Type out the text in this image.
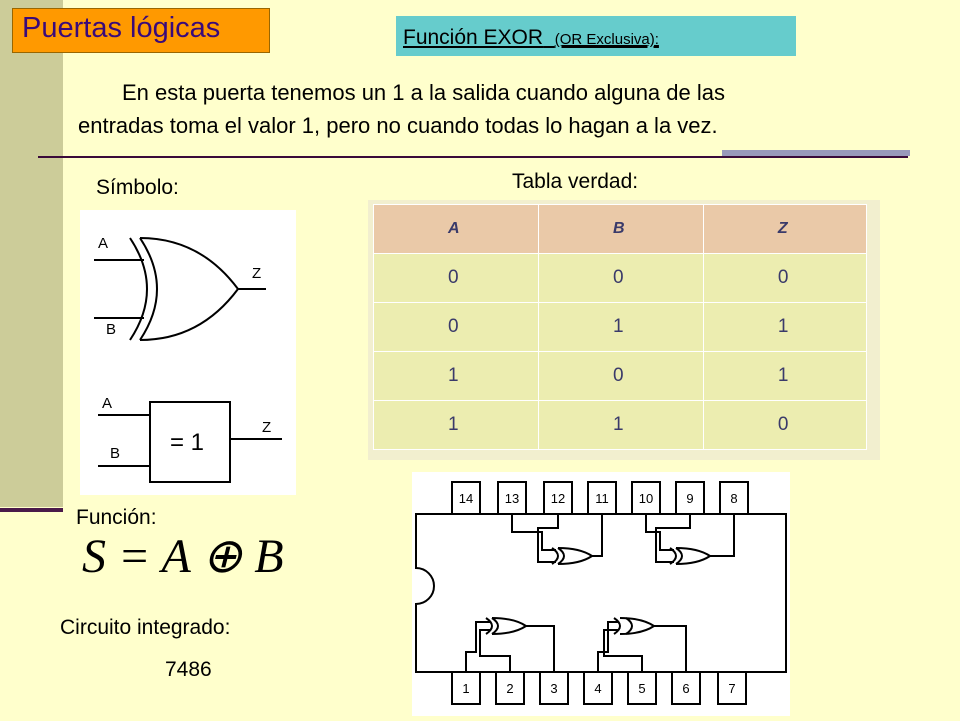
Puertas lógicas	Función EXOR (OR Exclusiva):
En esta puerta tenemos un 1 a la salida cuando alguna de las
entradas toma el valor 1, pero no cuando todas lo hagan a la vez.
Símbolo:	Tabla verdad:
A
B
Z
A
B
Z
= 1
A	B	Z
0	0	0
0	1	1
1	0	1
1	1	0
Función:
S = A ⊕ B
Circuito integrado:
7486
14 13 12 11 10	9	8
1	2	3	4	5	6	7
